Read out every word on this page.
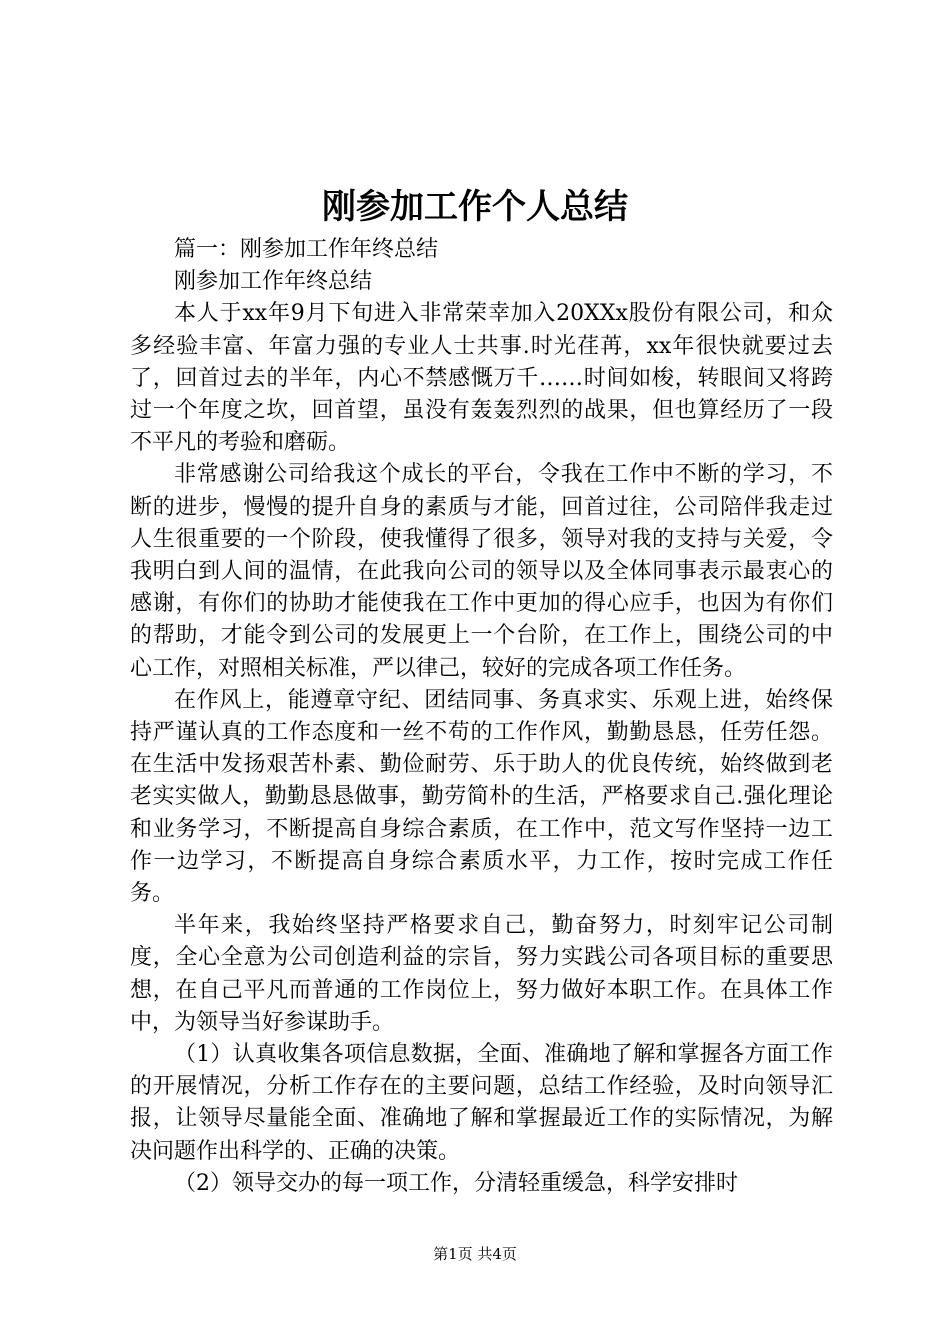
刚参加工作个人总结

篇一：刚参加工作年终总结

刚参加工作年终总结

本人于xx年9月下旬进入非常荣幸加入20XXx股份有限公司，和众多经验丰富、年富力强的专业人士共事.时光荏苒，xx年很快就要过去了，回首过去的半年，内心不禁感慨万千……时间如梭，转眼间又将跨过一个年度之坎，回首望，虽没有轰轰烈烈的战果，但也算经历了一段不平凡的考验和磨砺。

非常感谢公司给我这个成长的平台，令我在工作中不断的学习，不断的进步，慢慢的提升自身的素质与才能，回首过往，公司陪伴我走过人生很重要的一个阶段，使我懂得了很多，领导对我的支持与关爱，令我明白到人间的温情，在此我向公司的领导以及全体同事表示最衷心的感谢，有你们的协助才能使我在工作中更加的得心应手，也因为有你们的帮助，才能令到公司的发展更上一个台阶，在工作上，围绕公司的中心工作，对照相关标准，严以律己，较好的完成各项工作任务。

在作风上，能遵章守纪、团结同事、务真求实、乐观上进，始终保持严谨认真的工作态度和一丝不苟的工作作风，勤勤恳恳，任劳任怨。在生活中发扬艰苦朴素、勤俭耐劳、乐于助人的优良传统，始终做到老老实实做人，勤勤恳恳做事，勤劳简朴的生活，严格要求自己.强化理论和业务学习，不断提高自身综合素质，在工作中，范文写作坚持一边工作一边学习，不断提高自身综合素质水平，力工作，按时完成工作任务。

半年来，我始终坚持严格要求自己，勤奋努力，时刻牢记公司制度，全心全意为公司创造利益的宗旨，努力实践公司各项目标的重要思想，在自己平凡而普通的工作岗位上，努力做好本职工作。在具体工作中，为领导当好参谋助手。

（1）认真收集各项信息数据，全面、准确地了解和掌握各方面工作的开展情况，分析工作存在的主要问题，总结工作经验，及时向领导汇报，让领导尽量能全面、准确地了解和掌握最近工作的实际情况，为解决问题作出科学的、正确的决策。

（2）领导交办的每一项工作，分清轻重缓急，科学安排时

第1页 共4页
